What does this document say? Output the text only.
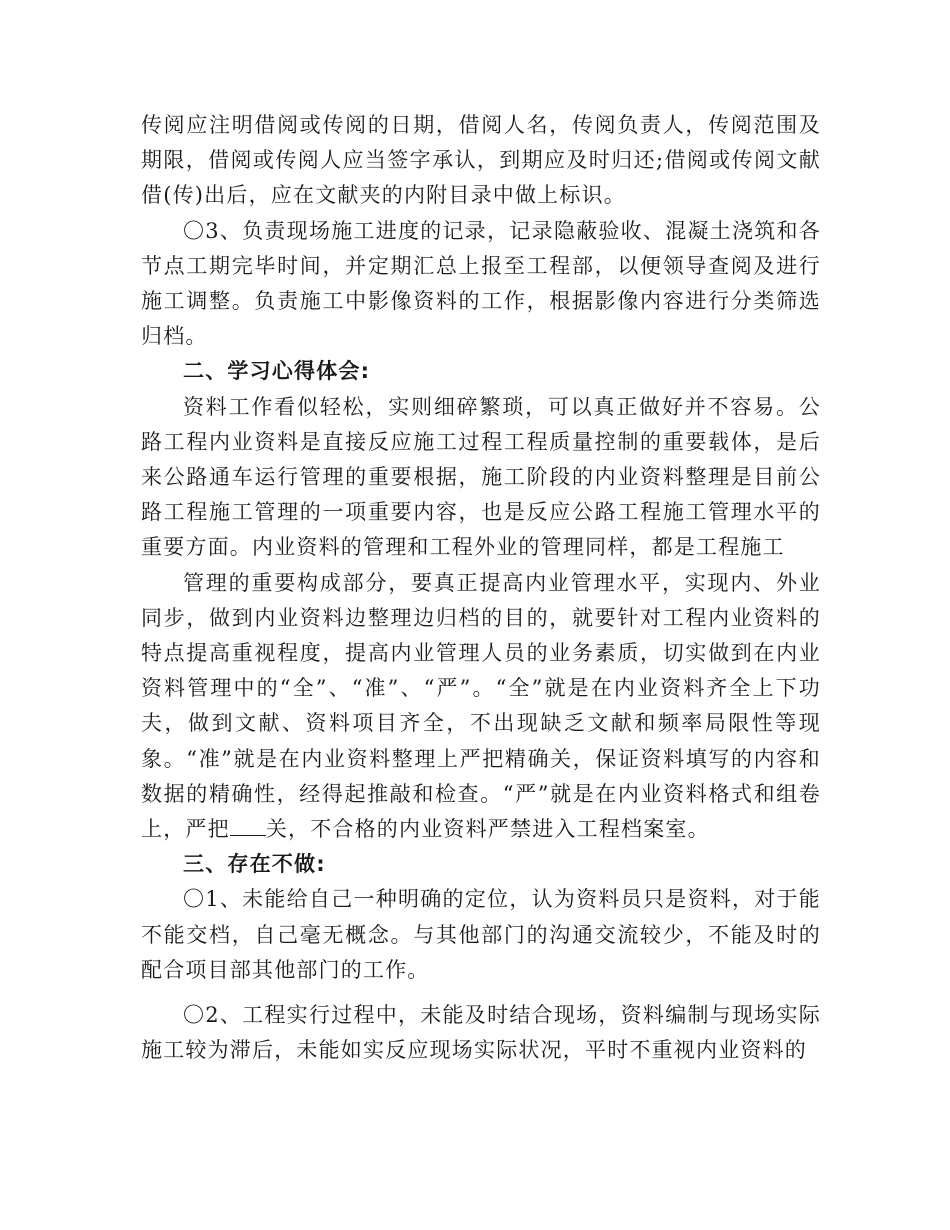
传阅应注明借阅或传阅的日期，借阅人名，传阅负责人，传阅范围及期限，借阅或传阅人应当签字承认，到期应及时归还;借阅或传阅文献借(传)出后，应在文献夹的内附目录中做上标识。

〇3、负责现场施工进度的记录，记录隐蔽验收、混凝土浇筑和各节点工期完毕时间，并定期汇总上报至工程部，以便领导查阅及进行施工调整。负责施工中影像资料的工作，根据影像内容进行分类筛选归档。

二、学习心得体会:

资料工作看似轻松，实则细碎繁琐，可以真正做好并不容易。公路工程内业资料是直接反应施工过程工程质量控制的重要载体，是后来公路通车运行管理的重要根据，施工阶段的内业资料整理是目前公路工程施工管理的一项重要内容，也是反应公路工程施工管理水平的重要方面。内业资料的管理和工程外业的管理同样，都是工程施工

管理的重要构成部分，要真正提高内业管理水平，实现内、外业同步，做到内业资料边整理边归档的目的，就要针对工程内业资料的特点提高重视程度，提高内业管理人员的业务素质，切实做到在内业资料管理中的“全”、“准”、“严”。“全”就是在内业资料齐全上下功夫，做到文献、资料项目齐全，不出现缺乏文献和频率局限性等现象。“准”就是在内业资料整理上严把精确关，保证资料填写的内容和数据的精确性，经得起推敲和检查。“严”就是在内业资料格式和组卷上，严把 关，不合格的内业资料严禁进入工程档案室。

三、存在不做:

〇1、未能给自己一种明确的定位，认为资料员只是资料，对于能不能交档，自己毫无概念。与其他部门的沟通交流较少，不能及时的配合项目部其他部门的工作。

〇2、工程实行过程中，未能及时结合现场，资料编制与现场实际施工较为滞后，未能如实反应现场实际状况，平时不重视内业资料的
